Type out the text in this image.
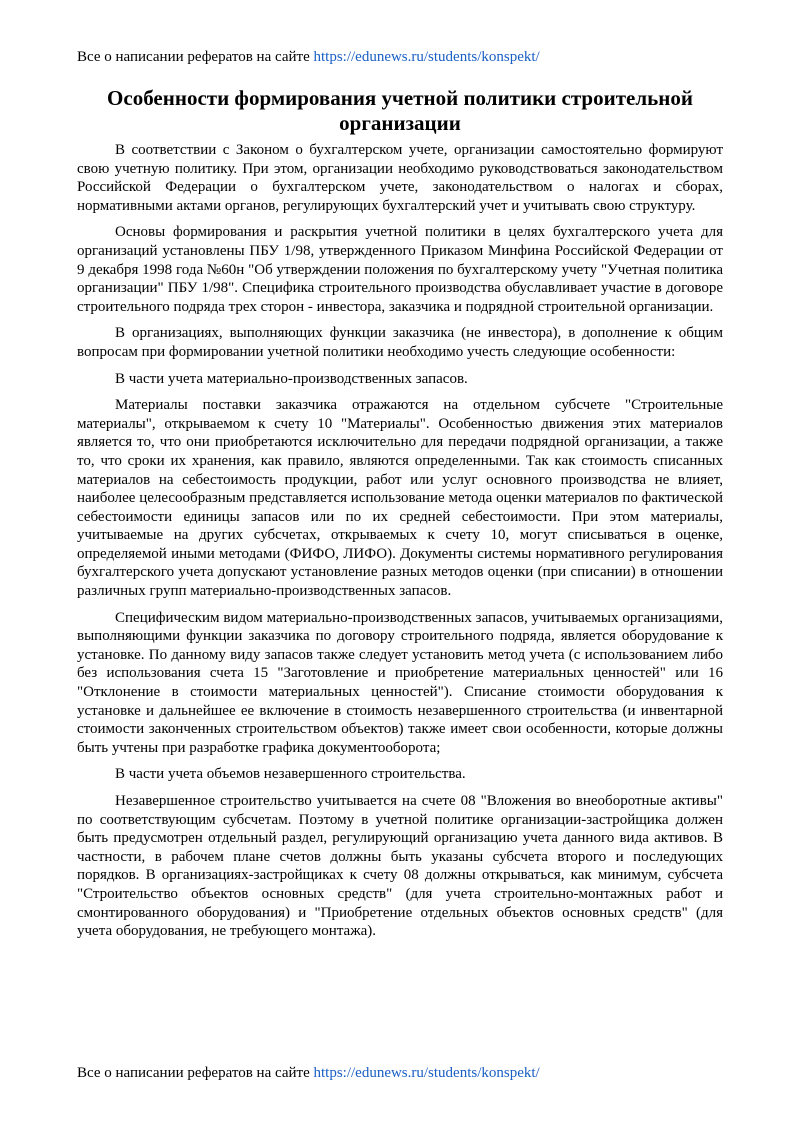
Все о написании рефератов на сайте https://edunews.ru/students/konspekt/
Особенности формирования учетной политики строительной организации

В соответствии с Законом о бухгалтерском учете, организации самостоятельно формируют свою учетную политику. При этом, организации необходимо руководствоваться законодательством Российской Федерации о бухгалтерском учете, законодательством о налогах и сборах, нормативными актами органов, регулирующих бухгалтерский учет и учитывать свою структуру.

Основы формирования и раскрытия учетной политики в целях бухгалтерского учета для организаций установлены ПБУ 1/98, утвержденного Приказом Минфина Российской Федерации от 9 декабря 1998 года №60н "Об утверждении положения по бухгалтерскому учету "Учетная политика организации" ПБУ 1/98". Специфика строительного производства обуславливает участие в договоре строительного подряда трех сторон - инвестора, заказчика и подрядной строительной организации.

В организациях, выполняющих функции заказчика (не инвестора), в дополнение к общим вопросам при формировании учетной политики необходимо учесть следующие особенности:

В части учета материально-производственных запасов.

Материалы поставки заказчика отражаются на отдельном субсчете "Строительные материалы", открываемом к счету 10 "Материалы". Особенностью движения этих материалов является то, что они приобретаются исключительно для передачи подрядной организации, а также то, что сроки их хранения, как правило, являются определенными. Так как стоимость списанных материалов на себестоимость продукции, работ или услуг основного производства не влияет, наиболее целесообразным представляется использование метода оценки материалов по фактической себестоимости единицы запасов или по их средней себестоимости. При этом материалы, учитываемые на других субсчетах, открываемых к счету 10, могут списываться в оценке, определяемой иными методами (ФИФО, ЛИФО). Документы системы нормативного регулирования бухгалтерского учета допускают установление разных методов оценки (при списании) в отношении различных групп материально-производственных запасов.

Специфическим видом материально-производственных запасов, учитываемых организациями, выполняющими функции заказчика по договору строительного подряда, является оборудование к установке. По данному виду запасов также следует установить метод учета (с использованием либо без использования счета 15 "Заготовление и приобретение материальных ценностей" или 16 "Отклонение в стоимости материальных ценностей"). Списание стоимости оборудования к установке и дальнейшее ее включение в стоимость незавершенного строительства (и инвентарной стоимости законченных строительством объектов) также имеет свои особенности, которые должны быть учтены при разработке графика документооборота;

В части учета объемов незавершенного строительства.

Незавершенное строительство учитывается на счете 08 "Вложения во внеоборотные активы" по соответствующим субсчетам. Поэтому в учетной политике организации-застройщика должен быть предусмотрен отдельный раздел, регулирующий организацию учета данного вида активов. В частности, в рабочем плане счетов должны быть указаны субсчета второго и последующих порядков. В организациях-застройщиках к счету 08 должны открываться, как минимум, субсчета "Строительство объектов основных средств" (для учета строительно-монтажных работ и смонтированного оборудования) и "Приобретение отдельных объектов основных средств" (для учета оборудования, не требующего монтажа).

Все о написании рефератов на сайте https://edunews.ru/students/konspekt/
